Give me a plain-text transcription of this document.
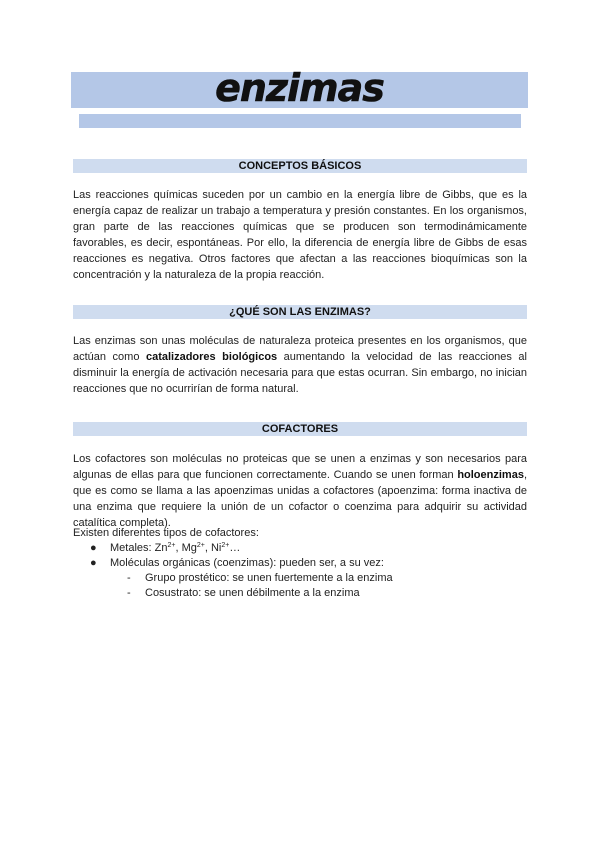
enzimas
CONCEPTOS BÁSICOS
Las reacciones químicas suceden por un cambio en la energía libre de Gibbs, que es la energía capaz de realizar un trabajo a temperatura y presión constantes. En los organismos, gran parte de las reacciones químicas que se producen son termodinámicamente favorables, es decir, espontáneas. Por ello, la diferencia de energía libre de Gibbs de esas reacciones es negativa. Otros factores que afectan a las reacciones bioquímicas son la concentración y la naturaleza de la propia reacción.
¿QUÉ SON LAS ENZIMAS?
Las enzimas son unas moléculas de naturaleza proteica presentes en los organismos, que actúan como catalizadores biológicos aumentando la velocidad de las reacciones al disminuir la energía de activación necesaria para que estas ocurran. Sin embargo, no inician reacciones que no ocurrirían de forma natural.
COFACTORES
Los cofactores son moléculas no proteicas que se unen a enzimas y son necesarios para algunas de ellas para que funcionen correctamente. Cuando se unen forman holoenzimas, que es como se llama a las apoenzimas unidas a cofactores (apoenzima: forma inactiva de una enzima que requiere la unión de un cofactor o coenzima para adquirir su actividad catalítica completa).
Existen diferentes tipos de cofactores:
● Metales: $Zn^{2+}$, $Mg^{2+}$, $Ni^{2+}\dots$
● Moléculas orgánicas (coenzimas): pueden ser, a su vez:
- Grupo prostético: se unen fuertemente a la enzima
- Cosustrato: se unen débilmente a la enzima
